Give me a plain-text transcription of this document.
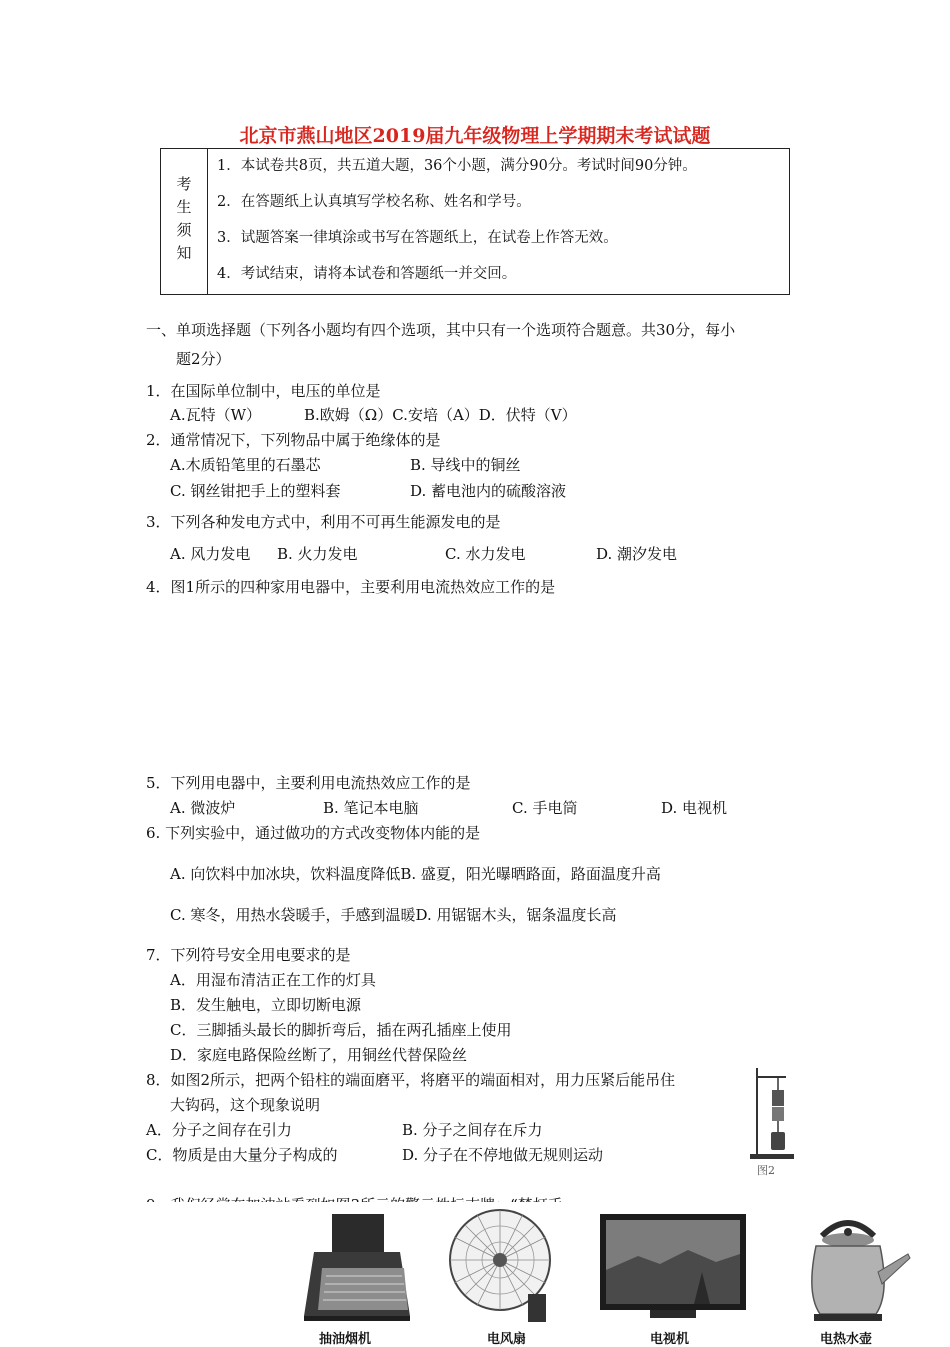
北京市燕山地区2019届九年级物理上学期期末考试试题
考生须知
1．本试卷共8页，共五道大题，36个小题，满分90分。考试时间90分钟。
2．在答题纸上认真填写学校名称、姓名和学号。
3．试题答案一律填涂或书写在答题纸上，在试卷上作答无效。
4．考试结束，请将本试卷和答题纸一并交回。
一、单项选择题（下列各小题均有四个选项，其中只有一个选项符合题意。共30分，每小
题2分）
1．在国际单位制中，电压的单位是
A.瓦特（W）	B.欧姆（Ω）C.安培（A）D．伏特（V）
2．通常情况下，下列物品中属于绝缘体的是
A.木质铅笔里的石墨芯	B. 导线中的铜丝
C. 钢丝钳把手上的塑料套	D. 蓄电池内的硫酸溶液
3．下列各种发电方式中，利用不可再生能源发电的是
A. 风力发电 B. 火力发电	C. 水力发电	D. 潮汐发电
4．图1所示的四种家用电器中，主要利用电流热效应工作的是
5．下列用电器中，主要利用电流热效应工作的是
A. 微波炉	B. 笔记本电脑	C. 手电筒	D. 电视机
6. 下列实验中，通过做功的方式改变物体内能的是
A. 向饮料中加冰块，饮料温度降低B. 盛夏，阳光曝晒路面，路面温度升高
C. 寒冬，用热水袋暖手，手感到温暖D. 用锯锯木头，锯条温度长高
7．下列符号安全用电要求的是
A．用湿布清洁正在工作的灯具
B．发生触电，立即切断电源
C．三脚插头最长的脚折弯后，插在两孔插座上使用
D．家庭电路保险丝断了，用铜丝代替保险丝
8．如图2所示，把两个铅柱的端面磨平，将磨平的端面相对，用力压紧后能吊住
大钩码，这个现象说明
A．分子之间存在引力	B. 分子之间存在斥力
C．物质是由大量分子构成的	D. 分子在不停地做无规则运动
图2
抽油烟机	电风扇	电视机	电热水壶
